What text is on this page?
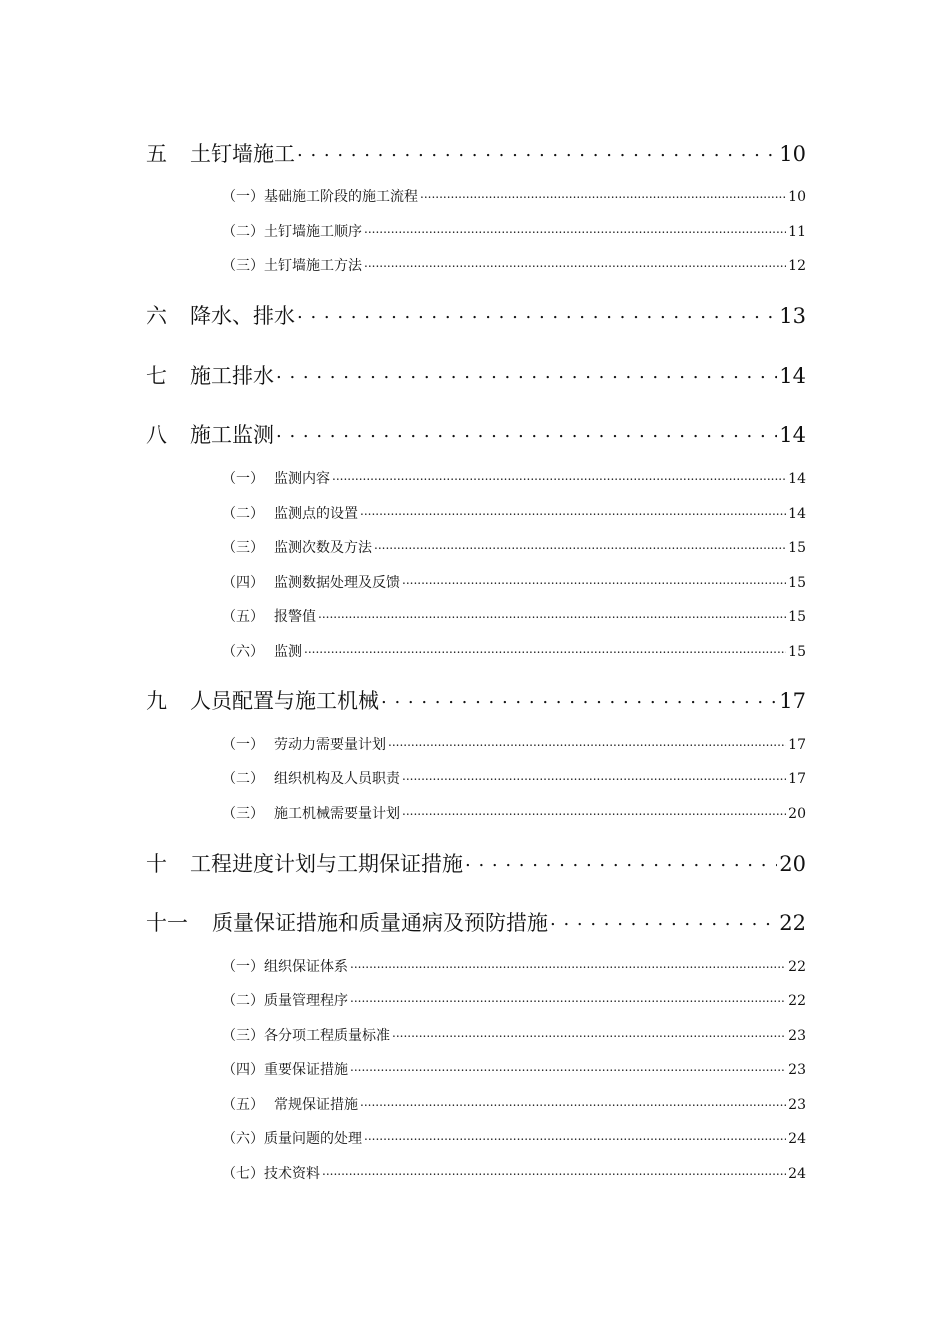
五	土钉墙施工 . . .	10
（一） 基础施工阶段的施工流程 .....	10
（二） 土钉墙施工顺序 .....	11
（三） 土钉墙施工方法 .....	12
六	降水、排水 . . .	13
七	施工排水 . . .	14
八	施工监测 . . .	14
（一） 监测内容 .....	14
（二） 监测点的设置 .....	14
（三） 监测次数及方法 .....	15
（四） 监测数据处理及反馈 .....	15
（五） 报警值 .....	15
（六） 监测 .....	15
九	人员配置与施工机械 . . .	17
（一） 劳动力需要量计划 .....	17
（二） 组织机构及人员职责 .....	17
（三） 施工机械需要量计划 .....	20
十	工程进度计划与工期保证措施 . . .	20
十一	质量保证措施和质量通病及预防措施 . . .	22
（一） 组织保证体系 .....	22
（二） 质量管理程序 .....	22
（三） 各分项工程质量标准 .....	23
（四） 重要保证措施 .....	23
（五） 常规保证措施 .....	23
（六） 质量问题的处理 .....	24
（七） 技术资料 .....	24
